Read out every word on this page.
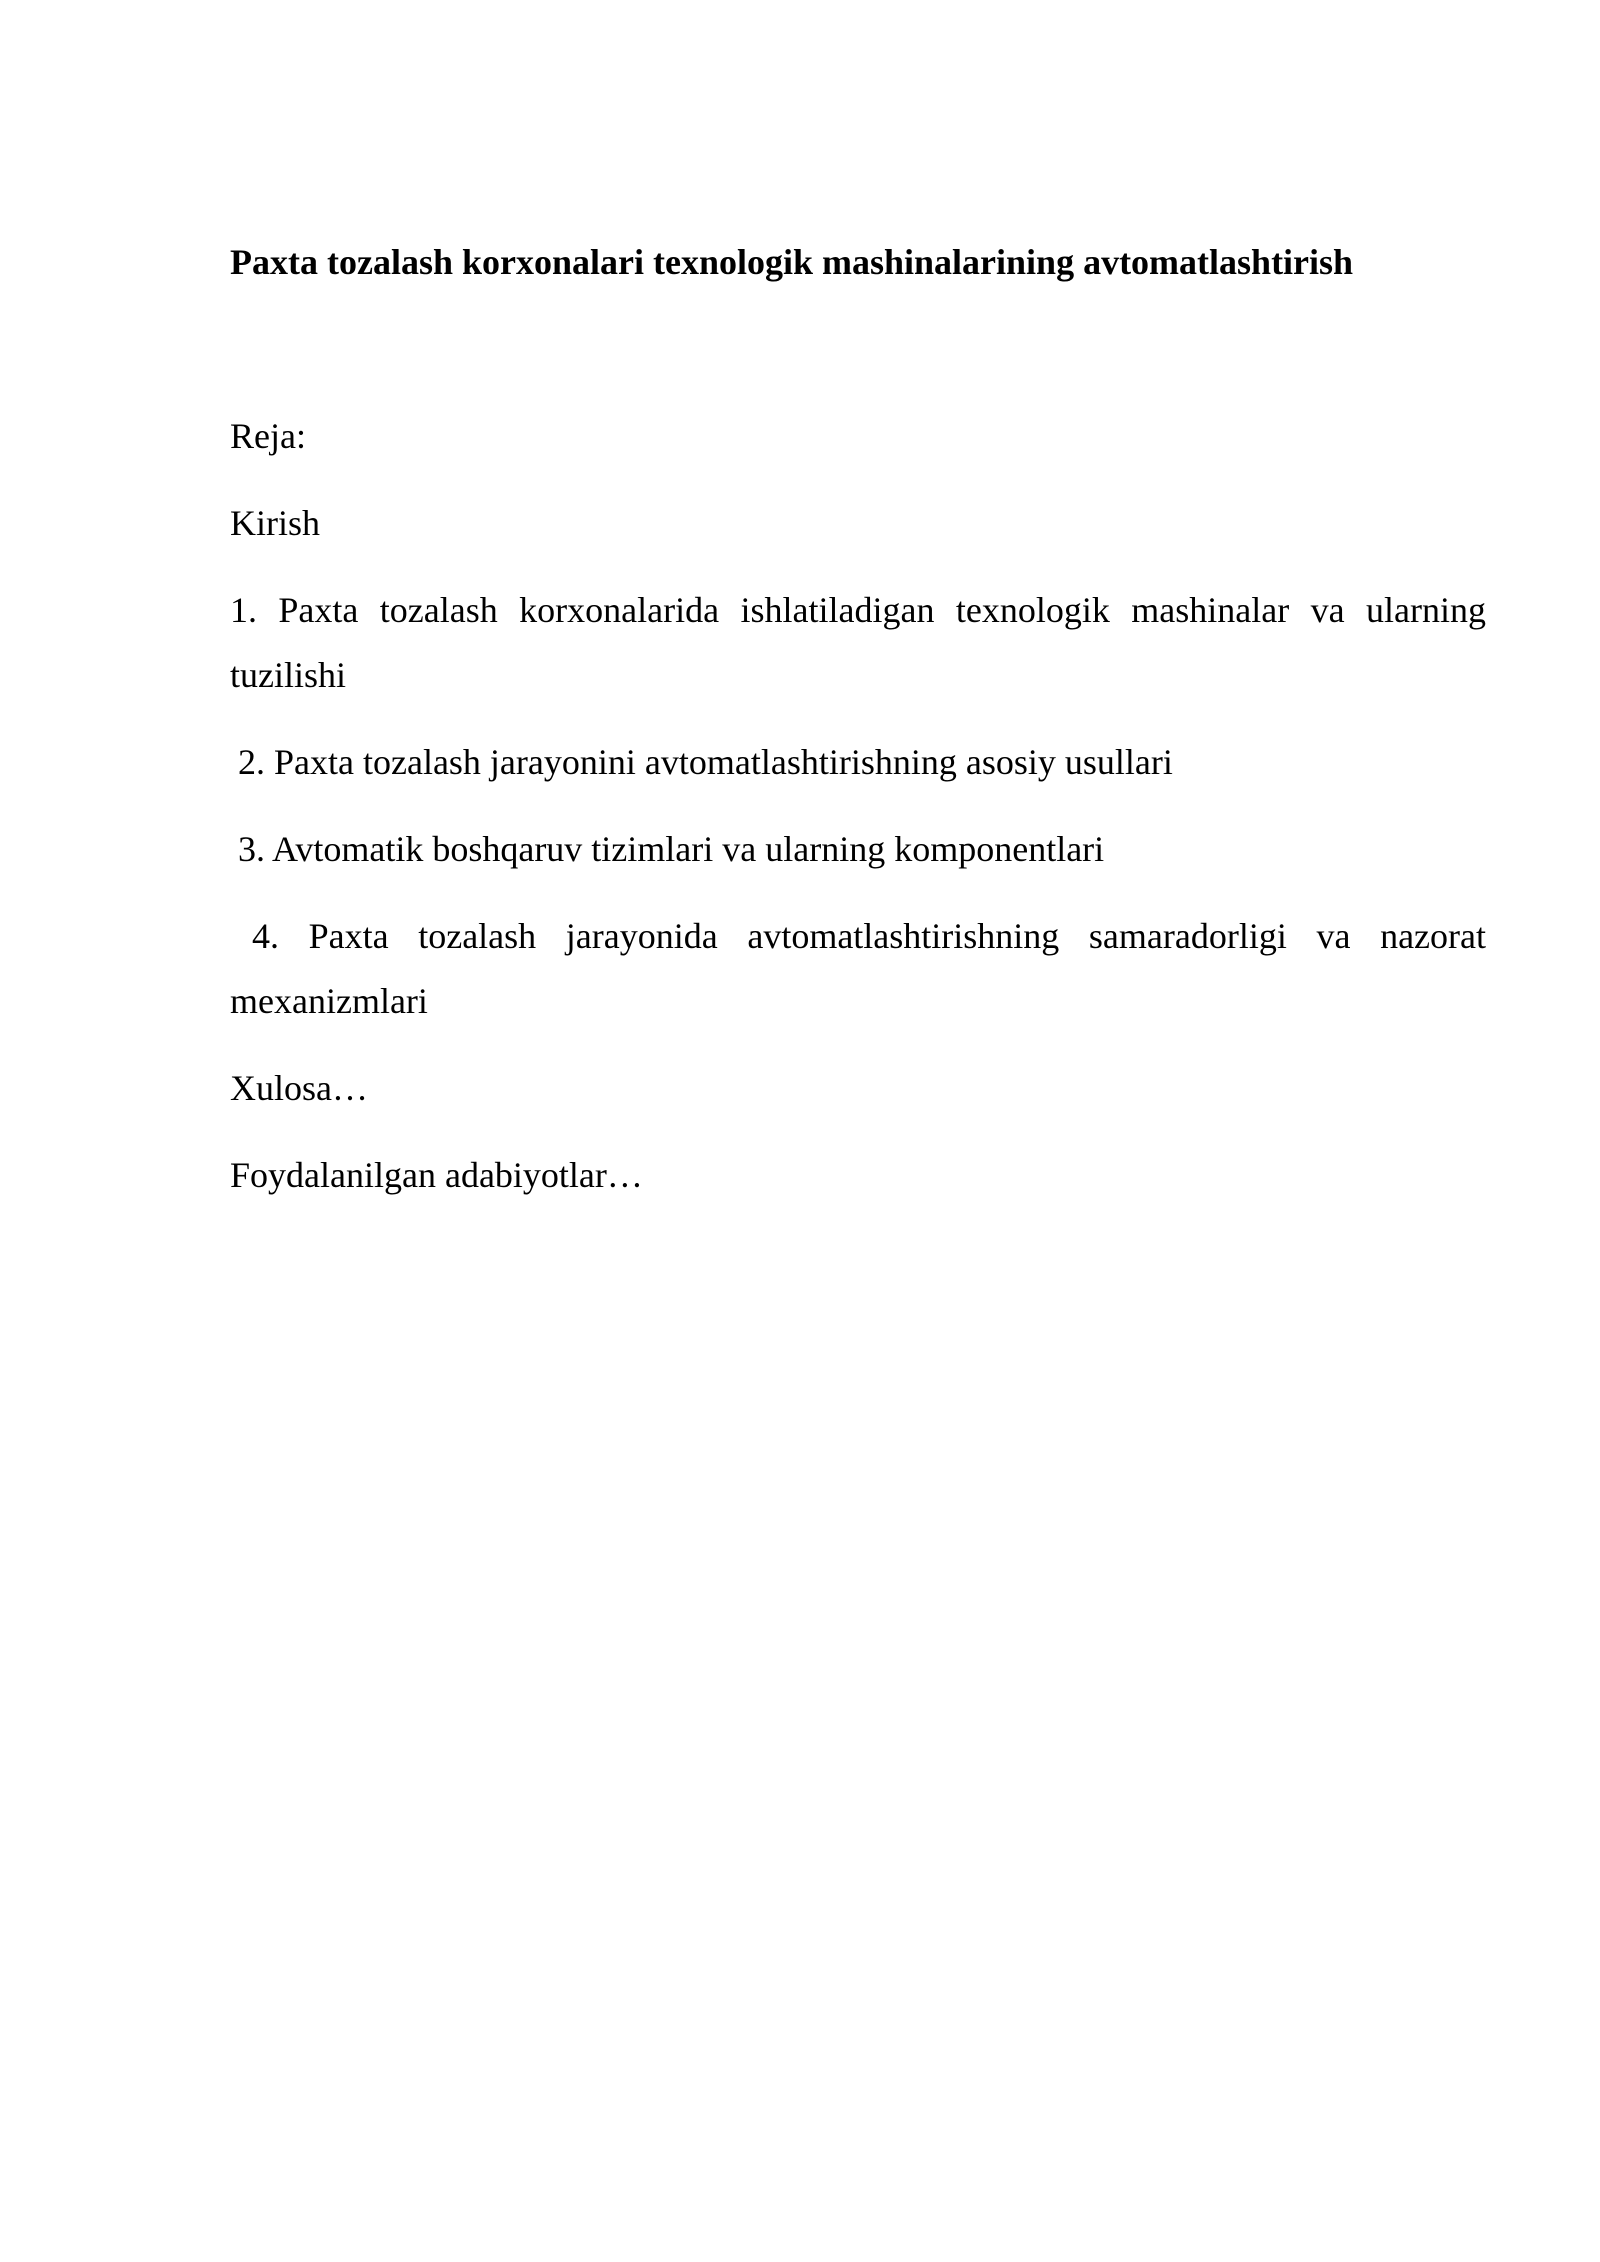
Paxta tozalash korxonalari texnologik mashinalarining avtomatlashtirish
Reja:
Kirish
1. Paxta tozalash korxonalarida ishlatiladigan texnologik mashinalar va ularning
tuzilishi
2. Paxta tozalash jarayonini avtomatlashtirishning asosiy usullari
3. Avtomatik boshqaruv tizimlari va ularning komponentlari
4. Paxta tozalash jarayonida avtomatlashtirishning samaradorligi va nazorat
mexanizmlari
Xulosa…
Foydalanilgan adabiyotlar…
